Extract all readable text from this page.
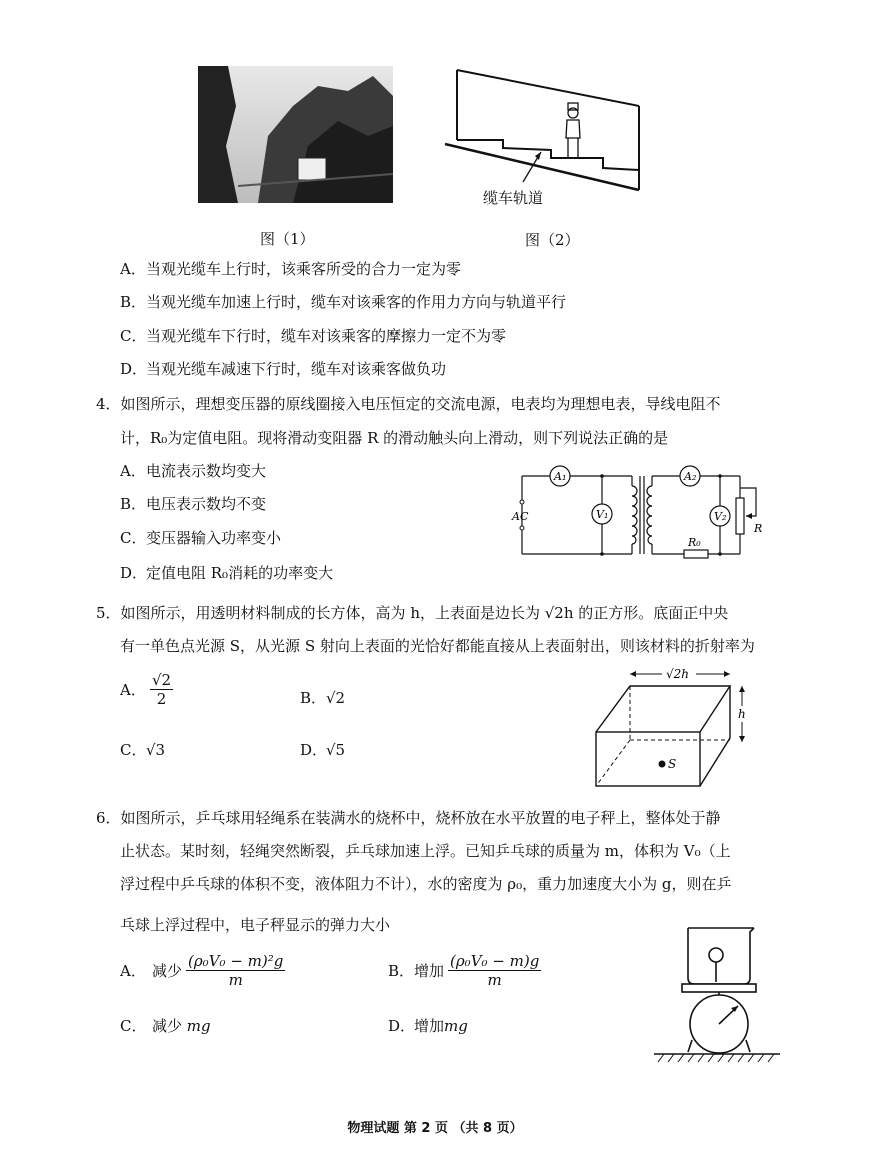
图（1）
缆车轨道
图（2）
A．当观光缆车上行时，该乘客所受的合力一定为零
B．当观光缆车加速上行时，缆车对该乘客的作用力方向与轨道平行
C．当观光缆车下行时，缆车对该乘客的摩擦力一定不为零
D．当观光缆车减速下行时，缆车对该乘客做负功
4．如图所示，理想变压器的原线圈接入电压恒定的交流电源，电表均为理想电表，导线电阻不
计，R₀为定值电阻。现将滑动变阻器 R 的滑动触头向上滑动，则下列说法正确的是
A．电流表示数均变大
B．电压表示数均不变
C．变压器输入功率变小
D．定值电阻 R₀消耗的功率变大
A₁	A₂
V₁	V₂
AC
R₀
R
5．如图所示，用透明材料制成的长方体，高为 h，上表面是边长为 √2h 的正方形。底面正中央
有一单色点光源 S，从光源 S 射向上表面的光恰好都能直接从上表面射出，则该材料的折射率为
A． $\frac{√2}{2}$	B．√2
C．√3	D．√5
√2h
h
S
6．如图所示，乒乓球用轻绳系在装满水的烧杯中，烧杯放在水平放置的电子秤上，整体处于静
止状态。某时刻，轻绳突然断裂，乒乓球加速上浮。已知乒乓球的质量为 m，体积为 V₀（上
浮过程中乒乓球的体积不变，液体阻力不计），水的密度为 ρ₀，重力加速度大小为 g，则在乒
乓球上浮过程中，电子秤显示的弹力大小
A． 减少 $\frac{\text{(ρ₀V₀ − m)²g}}{m}$	B． 增加 $\frac{\text{(ρ₀V₀ − m)g}}{m}$
C． 减少 mg	D．增加mg
物理试题 第 2 页 （共 8 页）
